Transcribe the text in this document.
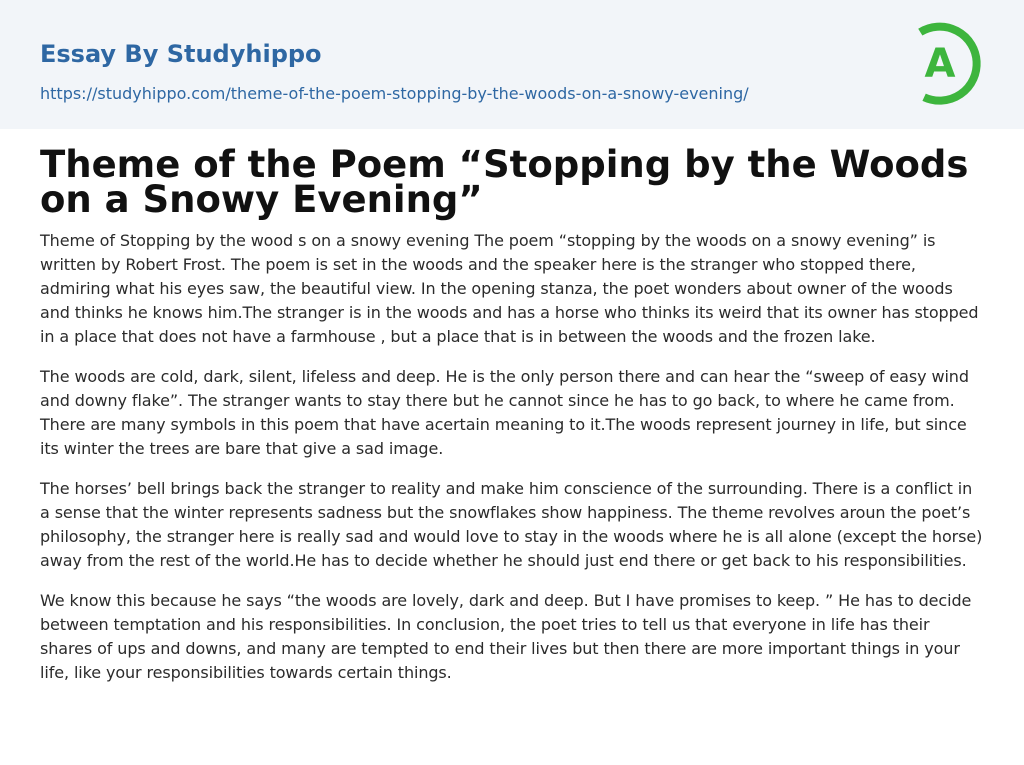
Essay By Studyhippo
https://studyhippo.com/theme-of-the-poem-stopping-by-the-woods-on-a-snowy-evening/
A
Theme of the Poem “Stopping by the Woods on a Snowy Evening”

Theme of Stopping by the wood s on a snowy evening The poem “stopping by the woods on a snowy evening” is written by Robert Frost. The poem is set in the woods and the speaker here is the stranger who stopped there, admiring what his eyes saw, the beautiful view. In the opening stanza, the poet wonders about owner of the woods and thinks he knows him.The stranger is in the woods and has a horse who thinks its weird that its owner has stopped in a place that does not have a farmhouse , but a place that is in between the woods and the frozen lake.

The woods are cold, dark, silent, lifeless and deep. He is the only person there and can hear the “sweep of easy wind and downy flake”. The stranger wants to stay there but he cannot since he has to go back, to where he came from. There are many symbols in this poem that have acertain meaning to it.The woods represent journey in life, but since its winter the trees are bare that give a sad image.

The horses’ bell brings back the stranger to reality and make him conscience of the surrounding. There is a conflict in a sense that the winter represents sadness but the snowflakes show happiness. The theme revolves aroun the poet’s philosophy, the stranger here is really sad and would love to stay in the woods where he is all alone (except the horse) away from the rest of the world.He has to decide whether he should just end there or get back to his responsibilities.

We know this because he says “the woods are lovely, dark and deep. But I have promises to keep. ” He has to decide between temptation and his responsibilities. In conclusion, the poet tries to tell us that everyone in life has their shares of ups and downs, and many are tempted to end their lives but then there are more important things in your life, like your responsibilities towards certain things.
